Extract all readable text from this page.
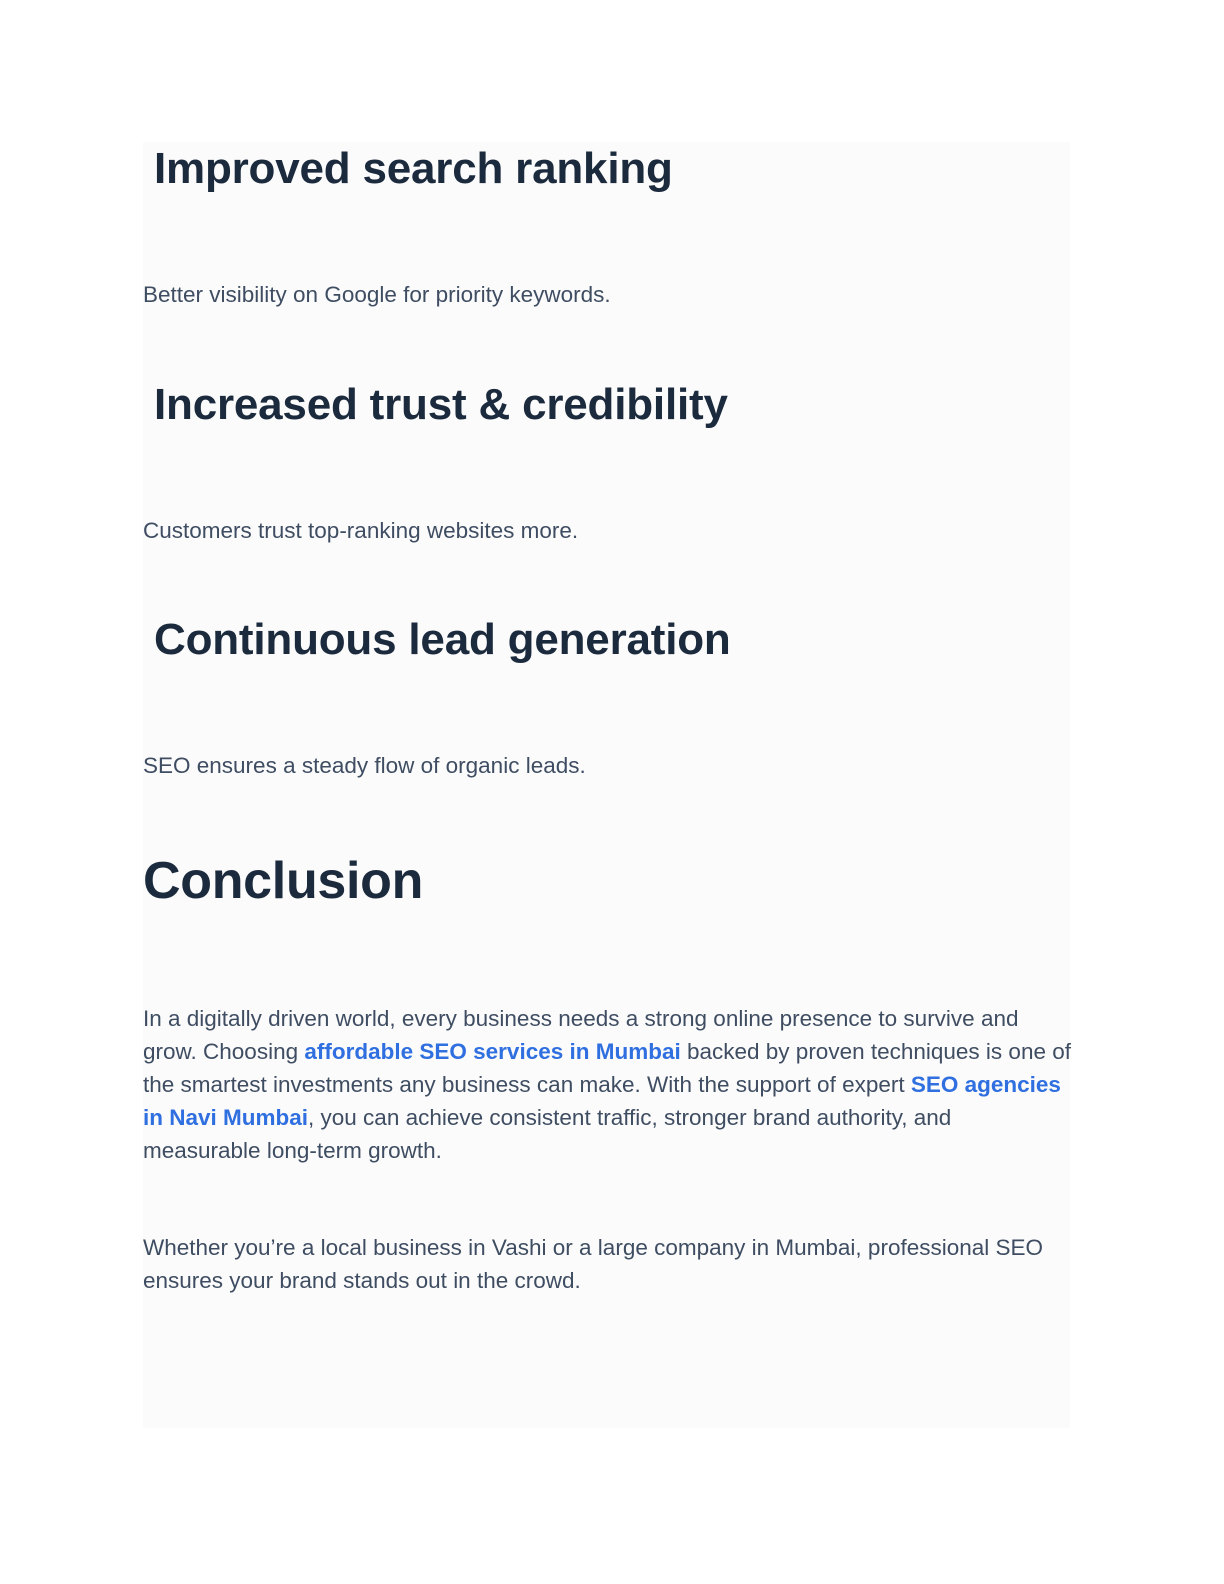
Improved search ranking

Better visibility on Google for priority keywords.

Increased trust & credibility

Customers trust top-ranking websites more.

Continuous lead generation

SEO ensures a steady flow of organic leads.

Conclusion

In a digitally driven world, every business needs a strong online presence to survive and grow. Choosing affordable SEO services in Mumbai backed by proven techniques is one of the smartest investments any business can make. With the support of expert SEO agencies in Navi Mumbai, you can achieve consistent traffic, stronger brand authority, and measurable long-term growth.

Whether you’re a local business in Vashi or a large company in Mumbai, professional SEO ensures your brand stands out in the crowd.
